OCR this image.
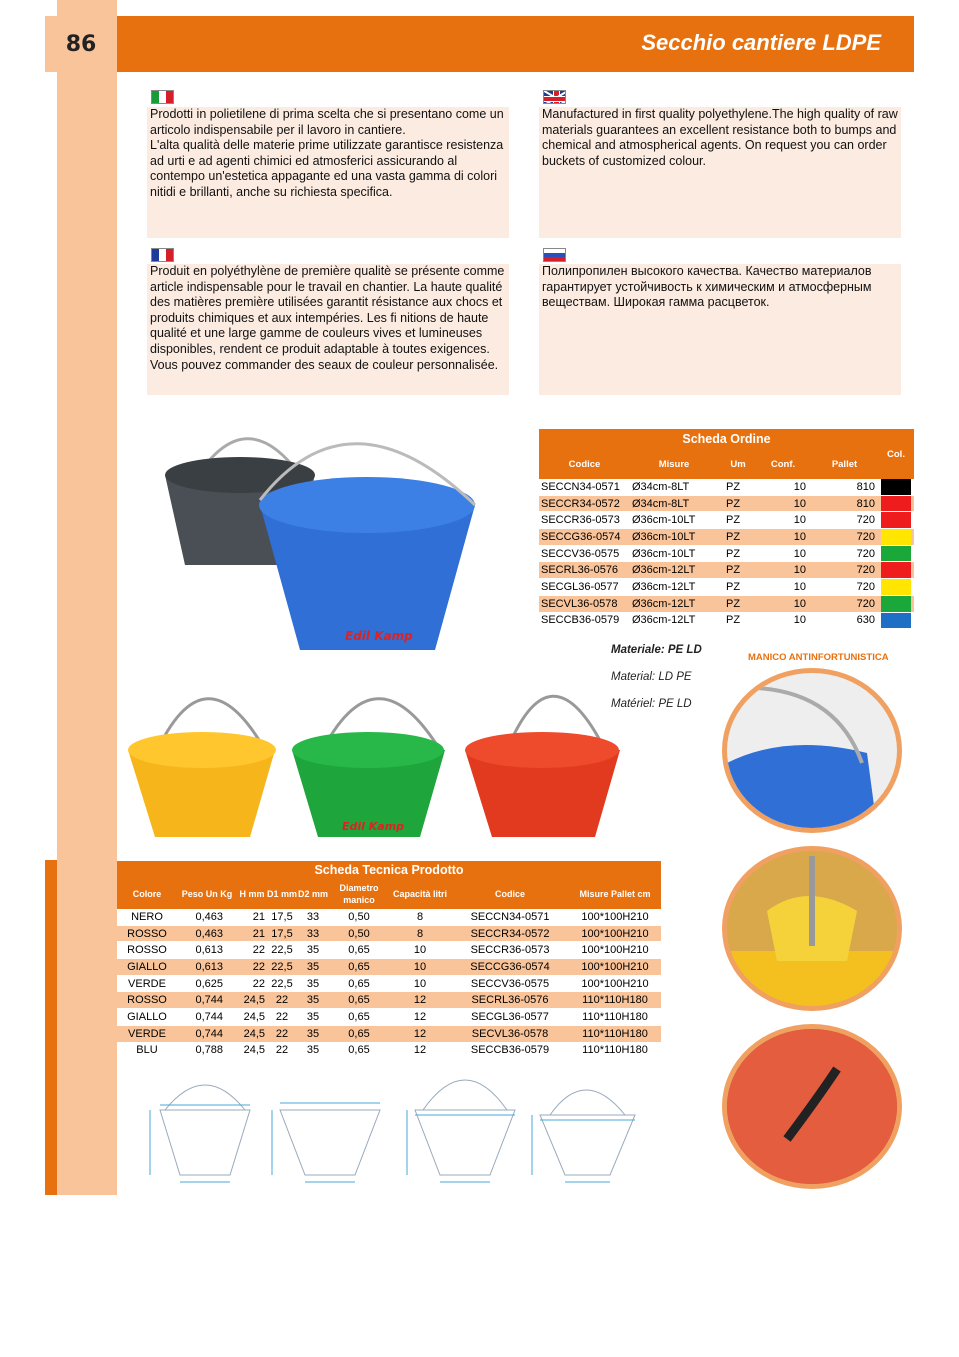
86	Secchio cantiere LDPE
Prodotti in polietilene di prima scelta che si presentano come un articolo indispensabile per il lavoro in cantiere.
L'alta qualità delle materie prime utilizzate garantisce resistenza ad urti e ad agenti chimici ed atmosferici assicurando al contempo un'estetica appagante ed una vasta gamma di colori nitidi e brillanti, anche su richiesta specifica.
Manufactured in first quality polyethylene.The high quality of raw materials guarantees an excellent resistance both to bumps and chemical and atmospherical agents. On request you can order buckets of customized colour.
Produit en polyéthylène de première qualitè se présente comme article indispensable pour le travail en chantier. La haute qualité des matières première utilisées garantit résistance aux chocs et produits chimiques et aux intempéries. Les fi nitions de haute qualité et une large gamme de couleurs vives et lumineuses disponibles, rendent ce produit adaptable à toutes exigences. Vous pouvez commander des seaux de couleur personnalisée.
Полипропилен высокого качества. Качество материалов гарантирует устойчивость к химическим и атмосферным веществам. Широкая гамма расцветок.
Edil Kamp
Edil Kamp
Scheda Ordine
Codice	Misure	Um	Conf.	Pallet
Col.
SECCN34-0571	Ø34cm-8LT	PZ	10	810
SECCR34-0572	Ø34cm-8LT	PZ	10	810
SECCR36-0573	Ø36cm-10LT	PZ	10	720
SECCG36-0574	Ø36cm-10LT	PZ	10	720
SECCV36-0575	Ø36cm-10LT	PZ	10	720
SECRL36-0576	Ø36cm-12LT	PZ	10	720
SECGL36-0577	Ø36cm-12LT	PZ	10	720
SECVL36-0578	Ø36cm-12LT	PZ	10	720
SECCB36-0579	Ø36cm-12LT	PZ	10	630
Materiale: PE LD
Material: LD PE
Matériel: PE LD
MANICO ANTINFORTUNISTICA
Scheda Tecnica Prodotto
Colore	Peso Un Kg H mm D1 mm D2 mm
Diametro manico
Capacità litri	Codice	Misure Pallet cm
NERO	0,463	21 17,5	33	0,50	8	SECCN34-0571	100*100H210
ROSSO	0,463	21 17,5	33	0,50	8	SECCR34-0572	100*100H210
ROSSO	0,613	22 22,5	35	0,65	10	SECCR36-0573	100*100H210
GIALLO	0,613	22 22,5	35	0,65	10	SECCG36-0574	100*100H210
VERDE	0,625	22 22,5	35	0,65	10	SECCV36-0575	100*100H210
ROSSO	0,744	24,5 22	35	0,65	12	SECRL36-0576	110*110H180
GIALLO	0,744	24,5 22	35	0,65	12	SECGL36-0577	110*110H180
VERDE	0,744	24,5 22	35	0,65	12	SECVL36-0578	110*110H180
BLU	0,788	24,5 22	35	0,65	12	SECCB36-0579	110*110H180
